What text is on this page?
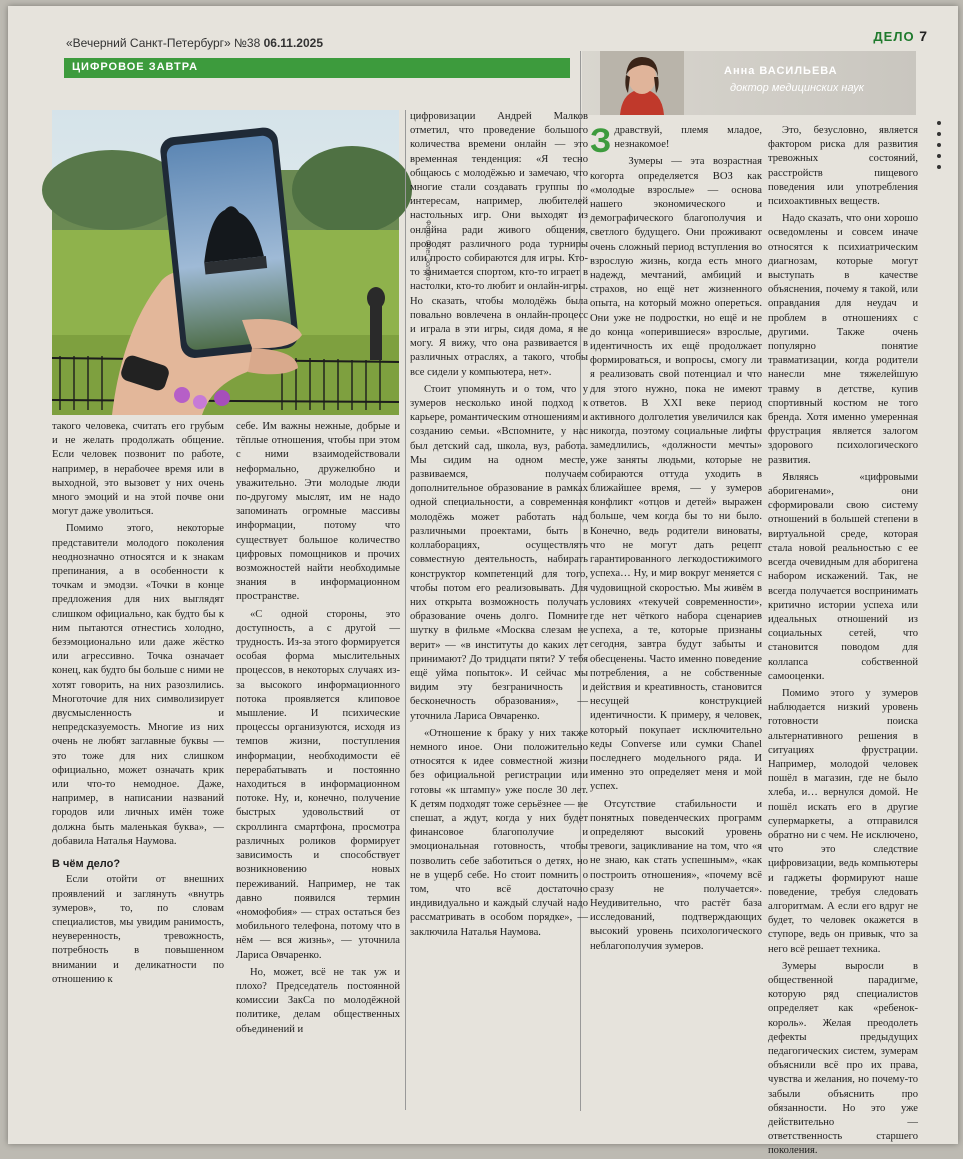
«Вечерний Санкт-Петербург» №38 06.11.2025	ДЕЛО 7
ЦИФРОВОЕ ЗАВТРА	Анна ВАСИЛЬЕВА
доктор медицинских наук
Фото: Олег Золото

такого человека, считать его грубым и не желать продолжать общение. Если человек позвонит по работе, например, в нерабочее время или в выходной, это вызовет у них очень много эмоций и на этой почве они могут даже уволиться.

Помимо этого, некоторые представители молодого поколения неоднозначно относятся и к знакам препинания, а в особенности к точкам и эмодзи. «Точки в конце предложения для них выглядят слишком официально, как будто бы к ним пытаются отнестись холодно, безэмоционально или даже жёстко или агрессивно. Точка означает конец, как будто бы больше с ними не хотят говорить, на них разозлились. Многоточие для них символизирует двусмысленность и непредсказуемость. Многие из них очень не любят заглавные буквы — это тоже для них слишком официально, может означать крик или что-то немодное. Даже, например, в написании названий городов или личных имён тоже должна быть маленькая буква», — добавила Наталья Наумова.

В чём дело?

Если отойти от внешних проявлений и заглянуть «внутрь зумеров», то, по словам специалистов, мы увидим ранимость, неуверенность, тревожность, потребность в повышенном внимании и деликатности по отношению к

себе. Им важны нежные, добрые и тёплые отношения, чтобы при этом с ними взаимодействовали неформально, дружелюбно и уважительно. Эти молодые люди по-другому мыслят, им не надо запоминать огромные массивы информации, потому что существует большое количество цифровых помощников и прочих возможностей найти необходимые знания в информационном пространстве.

«С одной стороны, это доступность, а с другой — трудность. Из-за этого формируется особая форма мыслительных процессов, в некоторых случаях из-за высокого информационного потока проявляется клиповое мышление. И психические процессы организуются, исходя из темпов жизни, поступления информации, необходимости её перерабатывать и постоянно находиться в информационном потоке. Ну, и, конечно, получение быстрых удовольствий от скроллинга смартфона, просмотра различных роликов формирует зависимость и способствует возникновению новых переживаний. Например, не так давно появился термин «номофобия» — страх остаться без мобильного телефона, потому что в нём — вся жизнь», — уточнила Лариса Овчаренко.

Но, может, всё не так уж и плохо? Председатель постоянной комиссии ЗакСа по молодёжной политике, делам общественных объединений и

цифровизации Андрей Малков отметил, что проведение большого количества времени онлайн — это временная тенденция: «Я тесно общаюсь с молодёжью и замечаю, что многие стали создавать группы по интересам, например, любителей настольных игр. Они выходят из онлайна ради живого общения, проводят различного рода турниры или просто собираются для игры. Кто-то занимается спортом, кто-то играет в настолки, кто-то любит и онлайн-игры. Но сказать, чтобы молодёжь была повально вовлечена в онлайн-процесс и играла в эти игры, сидя дома, я не могу. Я вижу, что она развивается в различных отраслях, а такого, чтобы все сидели у компьютера, нет».

Стоит упомянуть и о том, что у зумеров несколько иной подход к карьере, романтическим отношениям и созданию семьи. «Вспомните, у нас был детский сад, школа, вуз, работа. Мы сидим на одном месте, развиваемся, получаем дополнительное образование в рамках одной специальности, а современная молодёжь может работать над различными проектами, быть в коллаборациях, осуществлять совместную деятельность, набирать конструктор компетенций для того, чтобы потом его реализовывать. Для них открыта возможность получать образование очень долго. Помните шутку в фильме «Москва слезам не верит» — «в институты до каких лет принимают? До тридцати пяти? У тебя ещё уйма попыток». И сейчас мы видим эту безграничность и бесконечность образования», — уточнила Лариса Овчаренко.

«Отношение к браку у них также немного иное. Они положительно относятся к идее совместной жизни без официальной регистрации или готовы «к штампу» уже после 30 лет. К детям подходят тоже серьёзнее — не спешат, а ждут, когда у них будет финансовое благополучие и эмоциональная готовность, чтобы позволить себе заботиться о детях, но не в ущерб себе. Но стоит помнить о том, что всё достаточно индивидуально и каждый случай надо рассматривать в особом порядке», — заключила Наталья Наумова.

Здравствуй, племя младое, незнакомое!

Зумеры — эта возрастная когорта определяется ВОЗ как «молодые взрослые» — основа нашего экономического и демографического благополучия и светлого будущего. Они проживают очень сложный период вступления во взрослую жизнь, когда есть много надежд, мечтаний, амбиций и страхов, но ещё нет жизненного опыта, на который можно опереться. Они уже не подростки, но ещё и не до конца «оперившиеся» взрослые, идентичность их ещё продолжает формироваться, и вопросы, смогу ли я реализовать свой потенциал и что для этого нужно, пока не имеют ответов. В XXI веке период активного долголетия увеличился как никогда, поэтому социальные лифты замедлились, «должности мечты» уже заняты людьми, которые не собираются оттуда уходить в ближайшее время, — у зумеров конфликт «отцов и детей» выражен больше, чем когда бы то ни было. Конечно, ведь родители виноваты, что не могут дать рецепт гарантированного легкодостижимого успеха… Ну, и мир вокруг меняется с чудовищной скоростью. Мы живём в условиях «текучей современности», где нет чёткого набора сценариев успеха, а те, которые признаны сегодня, завтра будут забыты и обесценены. Часто именно поведение потребления, а не собственные действия и креативность, становится несущей конструкцией идентичности. К примеру, я человек, который покупает исключительно кеды Converse или сумки Chanel последнего модельного ряда. И именно это определяет меня и мой успех.

Отсутствие стабильности и понятных поведенческих программ определяют высокий уровень тревоги, зацикливание на том, что «я не знаю, как стать успешным», «как построить отношения», «почему всё сразу не получается». Неудивительно, что растёт база исследований, подтверждающих высокий уровень психологического неблагополучия зумеров.

Это, безусловно, является фактором риска для развития тревожных состояний, расстройств пищевого поведения или употребления психоактивных веществ.

Надо сказать, что они хорошо осведомлены и совсем иначе относятся к психиатрическим диагнозам, которые могут выступать в качестве объяснения, почему я такой, или оправдания для неудач и проблем в отношениях с другими. Также очень популярно понятие травматизации, когда родители нанесли мне тяжелейшую травму в детстве, купив спортивный костюм не того бренда. Хотя именно умеренная фрустрация является залогом здорового психологического развития.

Являясь «цифровыми аборигенами», они сформировали свою систему отношений в большей степени в виртуальной среде, которая стала новой реальностью с ее всегда очевидным для аборигена набором искажений. Так, не всегда получается воспринимать критично истории успеха или идеальных отношений из социальных сетей, что становится поводом для коллапса собственной самооценки.

Помимо этого у зумеров наблюдается низкий уровень готовности поиска альтернативного решения в ситуациях фрустрации. Например, молодой человек пошёл в магазин, где не было хлеба, и… вернулся домой. Не пошёл искать его в другие супермаркеты, а отправился обратно ни с чем. Не исключено, что это следствие цифровизации, ведь компьютеры и гаджеты формируют наше поведение, требуя следовать алгоритмам. А если его вдруг не будет, то человек окажется в ступоре, ведь он привык, что за него всё решает техника.

Зумеры выросли в общественной парадигме, которую ряд специалистов определяет как «ребенок-король». Желая преодолеть дефекты предыдущих педагогических систем, зумерам объяснили всё про их права, чувства и желания, но почему-то забыли объяснить про обязанности. Но это уже действительно — ответственность старшего поколения.
